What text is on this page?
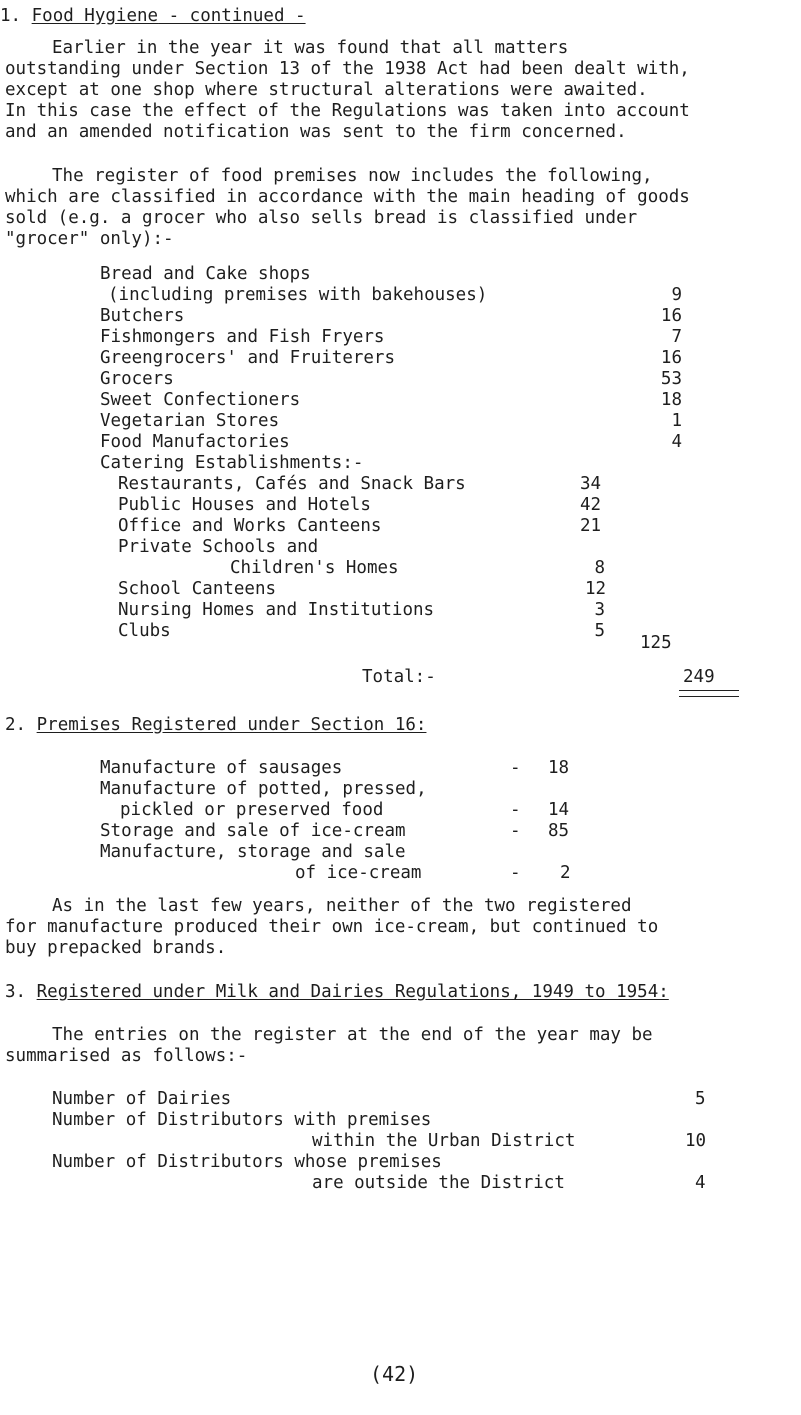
1. Food Hygiene - continued -
Earlier in the year it was found that all matters
outstanding under Section 13 of the 1938 Act had been dealt with,
except at one shop where structural alterations were awaited.
In this case the effect of the Regulations was taken into account
and an amended notification was sent to the firm concerned.
The register of food premises now includes the following,
which are classified in accordance with the main heading of goods
sold (e.g. a grocer who also sells bread is classified under
"grocer" only):-
Bread and Cake shops
(including premises with bakehouses)	9
Butchers	16
Fishmongers and Fish Fryers	7
Greengrocers' and Fruiterers	16
Grocers	53
Sweet Confectioners	18
Vegetarian Stores	1
Food Manufactories	4
Catering Establishments:-
Restaurants, Cafés and Snack Bars	34
Public Houses and Hotels	42
Office and Works Canteens	21
Private Schools and
Children's Homes	8
School Canteens	12
Nursing Homes and Institutions	3
Clubs	5
125
Total:-	249
2. Premises Registered under Section 16:
Manufacture of sausages	- 18
Manufacture of potted, pressed,
pickled or preserved food	- 14
Storage and sale of ice-cream	- 85
Manufacture, storage and sale
of ice-cream	- 2
As in the last few years, neither of the two registered
for manufacture produced their own ice-cream, but continued to
buy prepacked brands.
3. Registered under Milk and Dairies Regulations, 1949 to 1954:
The entries on the register at the end of the year may be
summarised as follows:-
Number of Dairies	5
Number of Distributors with premises
within the Urban District	10
Number of Distributors whose premises
are outside the District	4
(42)
